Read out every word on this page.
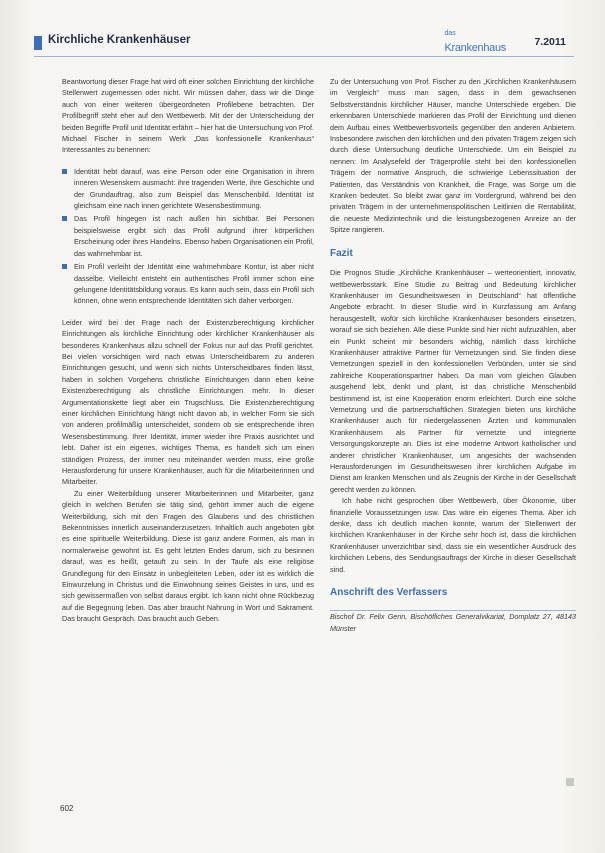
Kirchliche Krankenhäuser
das
Krankenhaus	7.2011

Beantwortung dieser Frage hat wird oft einer solchen Einrichtung der kirchliche Stellenwert zugemessen oder nicht. Wir müssen daher, dass wir die Dinge auch von einer weiteren übergeordneten Profilebene betrachten. Der Profilbegriff steht eher auf den Wettbewerb. Mit der der Unterscheidung der beiden Begriffe Profil und Identität erfährt – hier hat die Untersuchung von Prof. Michael Fischer in seinem Werk „Das konfessionelle Krankenhaus“ Interessantes zu benennen:

Identität hebt darauf, was eine Person oder eine Organisation in ihrem inneren Wesenskern ausmacht: ihre tragenden Werte, ihre Geschichte und der Grundauftrag, also zum Beispiel das Menschenbild. Identität ist gleichsam eine nach innen gerichtete Wesensbestimmung.
Das Profil hingegen ist nach außen hin sichtbar. Bei Personen beispielsweise ergibt sich das Profil aufgrund ihrer körperlichen Erscheinung oder ihres Handelns. Ebenso haben Organisationen ein Profil, das wahrnehmbar ist.
Ein Profil verleiht der Identität eine wahrnehmbare Kontur, ist aber nicht dasselbe. Vielleicht entsteht ein authentisches Profil immer schon eine gelungene Identitätsbildung voraus. Es kann auch sein, dass ein Profil sich können, ohne wenn entsprechende Identitäten sich daher verborgen.

Leider wird bei der Frage nach der Existenzberechtigung kirchlicher Einrichtungen als kirchliche Einrichtung oder kirchlicher Krankenhäuser als besonderes Krankenhaus allzu schnell der Fokus nur auf das Profil gerichtet. Bei vielen vorsichtigen wird nach etwas Unterscheidbarem zu anderen Einrichtungen gesucht, und wenn sich nichts Unterscheidbares finden lässt, haben in solchen Vorgehens christliche Einrichtungen dann eben keine Existenzberechtigung als christliche Einrichtungen mehr. In dieser Argumentationskette liegt aber ein Trugschluss. Die Existenzberechtigung einer kirchlichen Einrichtung hängt nicht davon ab, in welcher Form sie sich von anderen profilmäßig unterscheidet, sondern ob sie entsprechende ihren Wesensbestimmung. Ihrer Identität, immer wieder ihre Praxis ausrichtet und lebt. Daher ist ein eigenes, wichtiges Thema, es handelt sich um einen ständigen Prozess, der immer neu miteinander werden muss, eine große Herausforderung für unsere Krankenhäuser, auch für die Mitarbeiterinnen und Mitarbeiter.

Zu einer Weiterbildung unserer Mitarbeiterinnen und Mitarbeiter, ganz gleich in welchen Berufen sie tätig sind, gehört immer auch die eigene Weiterbildung, sich mit den Fragen des Glaubens und des christlichen Bekenntnisses innerlich auseinanderzusetzen. Inhaltlich auch angeboten gibt es eine spirituelle Weiterbildung. Diese ist ganz andere Formen, als man in normalerweise gewohnt ist. Es geht letzten Endes darum, sich zu besinnen darauf, was es heißt, getauft zu sein. In der Taufe als eine religiöse Grundlegung für den Einsatz in unbegleiteten Leben, oder ist es wirklich die Einwurzelung in Christus und die Einwohnung seines Geistes in uns, und es sich gewissermaßen von selbst daraus ergibt. Ich kann nicht ohne Rückbezug auf die Begegnung leben. Das aber braucht Nahrung in Wort und Sakrament. Das braucht Gespräch. Das braucht auch Geben.

Zu der Untersuchung von Prof. Fischer zu den „Kirchlichen Krankenhäusern im Vergleich“ muss man sagen, dass in dem gewachsenen Selbstverständnis kirchlicher Häuser, manche Unterschiede ergeben. Die erkennbaren Unterschiede markieren das Profil der Einrichtung und dienen dem Aufbau eines Wettbewerbsvorteils gegenüber den anderen Anbietern. Insbesondere zwischen den kirchlichen und den privaten Trägern zeigen sich durch diese Untersuchung deutliche Unterschiede. Um ein Beispiel zu nennen: Im Analysefeld der Trägerprofile steht bei den konfessionellen Trägern der normative Anspruch, die schwierige Lebenssituation der Patienten, das Verständnis von Krankheit, die Frage, was Sorge um die Kranken bedeutet. So bleibt zwar ganz im Vordergrund, während bei den privaten Trägern in der unternehmenspolitischen Leitlinien die Rentabilität, die neueste Medizintechnik und die leistungsbezogenen Anreize an der Spitze rangieren.

Fazit

Die Prognos Studie „Kirchliche Krankenhäuser – werteorientiert, innovativ, wettbewerbsstark. Eine Studie zu Beitrag und Bedeutung kirchlicher Krankenhäuser im Gesundheitswesen in Deutschland“ hat öffentliche Angebote erbracht. In dieser Studie wird in Kurzfassung am Anfang herausgestellt, wofür sich kirchliche Krankenhäuser besonders einsetzen, worauf sie sich beziehen. Alle diese Punkte sind hier nicht aufzuzählen, aber ein Punkt scheint mir besonders wichtig, nämlich dass kirchliche Krankenhäuser attraktive Partner für Vernetzungen sind. Sie finden diese Vernetzungen speziell in den konfessionellen Verbünden, unter sie sind zahlreiche Kooperationspartner haben. Da man vom gleichen Glauben ausgehend lebt, denkt und plant, ist das christliche Menschenbild bestimmend ist, ist eine Kooperation enorm erleichtert. Durch eine solche Vernetzung und die partnerschaftlichen Strategien bieten uns kirchliche Krankenhäuser auch für niedergelassenen Ärzten und kommunalen Krankenhäusern als Partner für vernetzte und integrierte Versorgungskonzepte an. Dies ist eine moderne Antwort katholischer und anderer christlicher Krankenhäuser, um angesichts der wachsenden Herausforderungen im Gesundheitswesen ihrer kirchlichen Aufgabe im Dienst am kranken Menschen und als Zeugnis der Kirche in der Gesellschaft gerecht werden zu können.

Ich habe nicht gesprochen über Wettbewerb, über Ökonomie, über finanzielle Voraussetzungen usw. Das wäre ein eigenes Thema. Aber ich denke, dass ich deutlich machen konnte, warum der Stellenwert der kirchlichen Krankenhäuser in der Kirche sehr hoch ist, dass die kirchlichen Krankenhäuser unverzichtbar sind, dass sie ein wesentlicher Ausdruck des kirchlichen Lebens, des Sendungsauftrags der Kirche in dieser Gesellschaft sind.

Anschrift des Verfassers

Bischof Dr. Felix Genn, Bischöfliches Generalvikariat, Domplatz 27, 48143 Münster

602
